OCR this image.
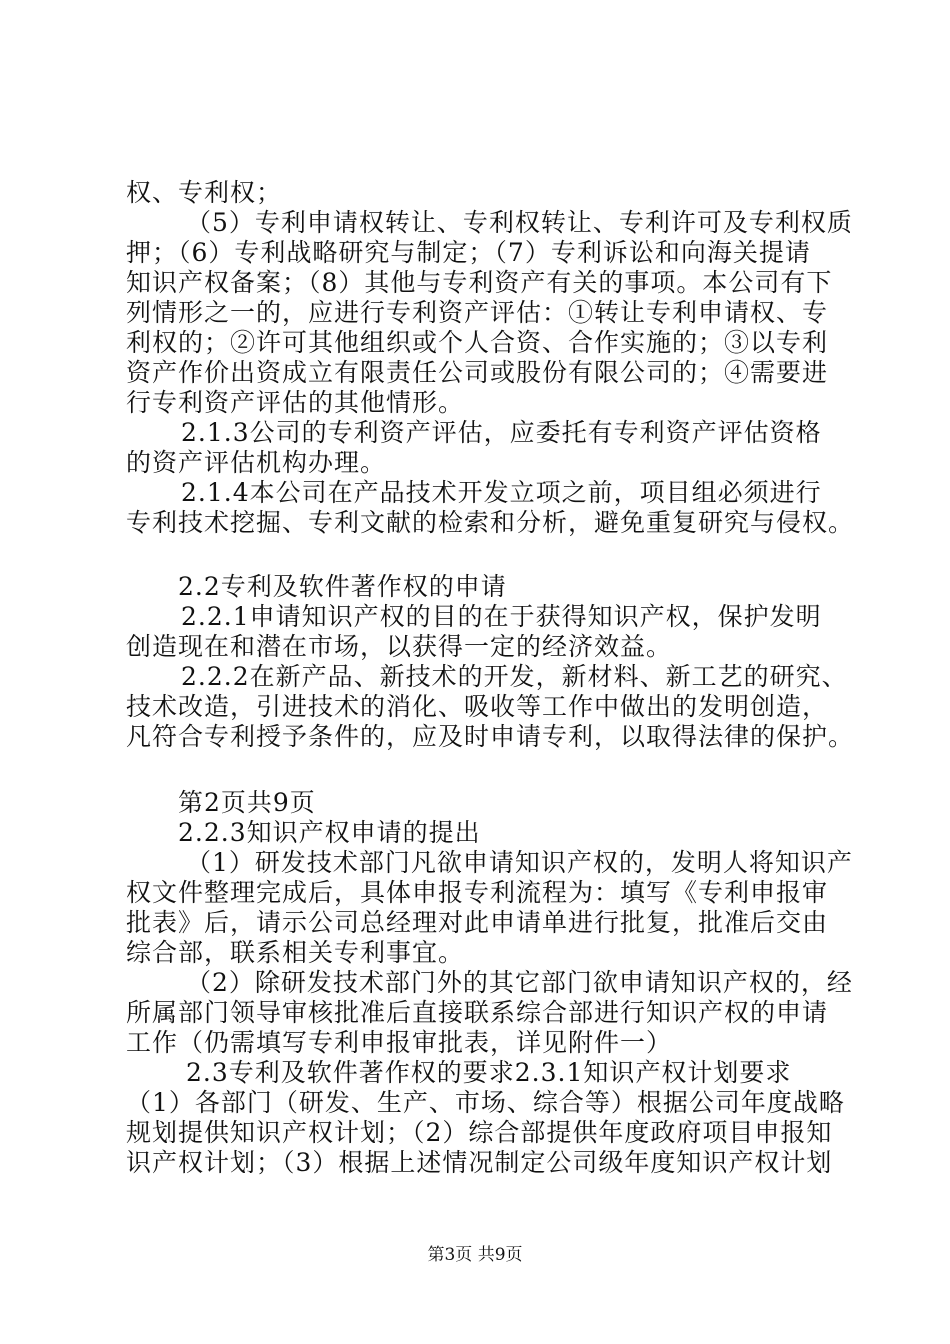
权、专利权；
（5）专利申请权转让、专利权转让、专利许可及专利权质
押；（6）专利战略研究与制定；（7）专利诉讼和向海关提请
知识产权备案；（8）其他与专利资产有关的事项。本公司有下
列情形之一的，应进行专利资产评估：①转让专利申请权、专
利权的；②许可其他组织或个人合资、合作实施的；③以专利
资产作价出资成立有限责任公司或股份有限公司的；④需要进
行专利资产评估的其他情形。
2.1.3公司的专利资产评估，应委托有专利资产评估资格
的资产评估机构办理。
2.1.4本公司在产品技术开发立项之前，项目组必须进行
专利技术挖掘、专利文献的检索和分析，避免重复研究与侵权。
2.2专利及软件著作权的申请
2.2.1申请知识产权的目的在于获得知识产权，保护发明
创造现在和潜在市场，以获得一定的经济效益。
2.2.2在新产品、新技术的开发，新材料、新工艺的研究、
技术改造，引进技术的消化、吸收等工作中做出的发明创造，
凡符合专利授予条件的，应及时申请专利，以取得法律的保护。
第2页共9页
2.2.3知识产权申请的提出
（1）研发技术部门凡欲申请知识产权的，发明人将知识产
权文件整理完成后，具体申报专利流程为：填写《专利申报审
批表》后，请示公司总经理对此申请单进行批复，批准后交由
综合部，联系相关专利事宜。
（2）除研发技术部门外的其它部门欲申请知识产权的，经
所属部门领导审核批准后直接联系综合部进行知识产权的申请
工作（仍需填写专利申报审批表，详见附件一）
2.3专利及软件著作权的要求2.3.1知识产权计划要求
（1）各部门（研发、生产、市场、综合等）根据公司年度战略
规划提供知识产权计划；（2）综合部提供年度政府项目申报知
识产权计划；（3）根据上述情况制定公司级年度知识产权计划
第3页 共9页
